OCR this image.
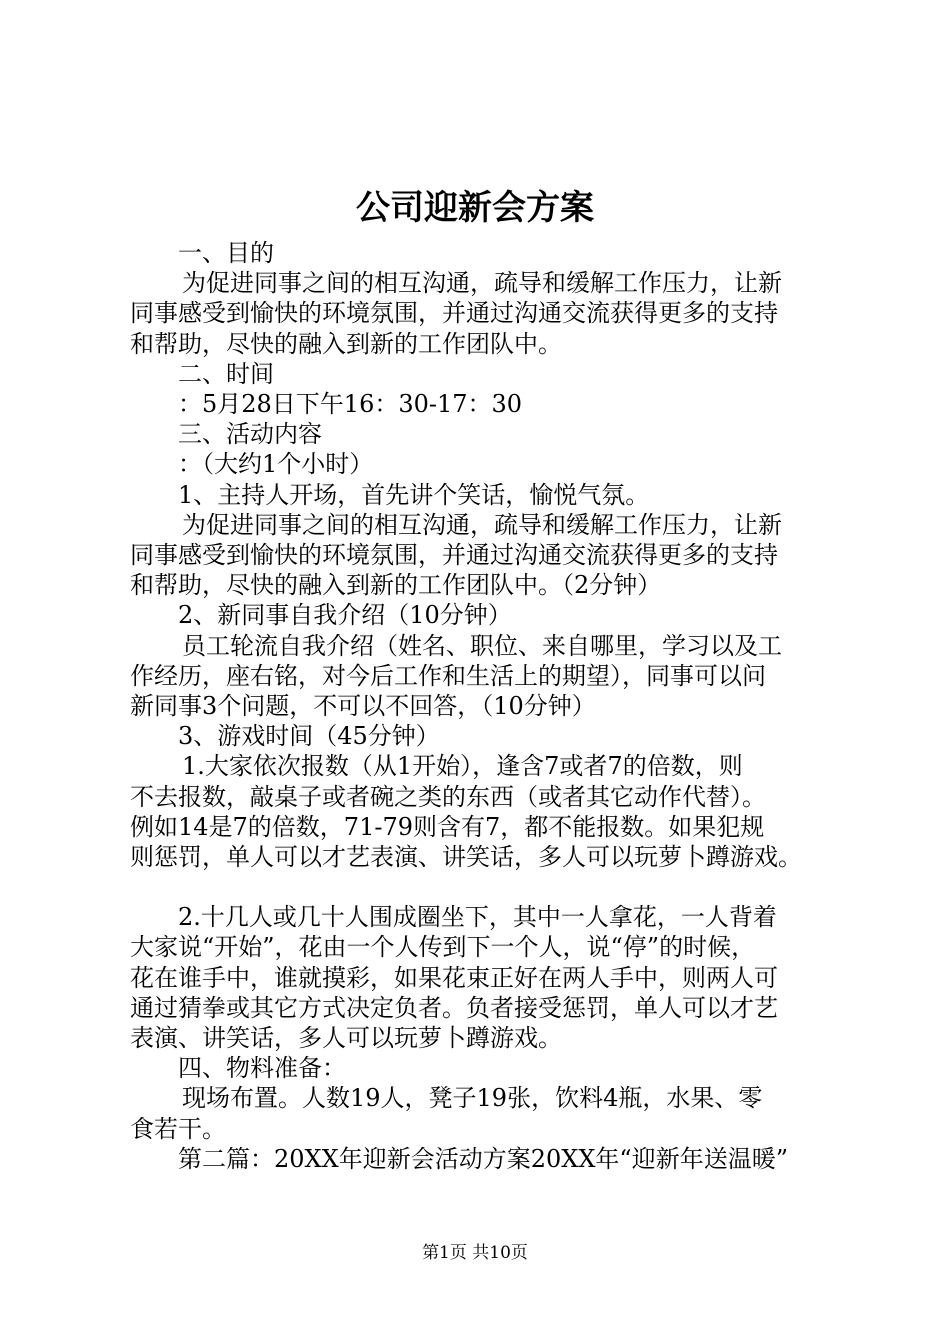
公司迎新会方案

一、目的

为促进同事之间的相互沟通，疏导和缓解工作压力，让新

同事感受到愉快的环境氛围，并通过沟通交流获得更多的支持

和帮助，尽快的融入到新的工作团队中。

二、时间

：5月28日下午16：30-17：30

三、活动内容

：（大约1个小时）

1、主持人开场，首先讲个笑话，愉悦气氛。

为促进同事之间的相互沟通，疏导和缓解工作压力，让新

同事感受到愉快的环境氛围，并通过沟通交流获得更多的支持

和帮助，尽快的融入到新的工作团队中。（2分钟）

2、新同事自我介绍（10分钟）

员工轮流自我介绍（姓名、职位、来自哪里，学习以及工

作经历，座右铭，对今后工作和生活上的期望），同事可以问

新同事3个问题，不可以不回答，（10分钟）

3、游戏时间（45分钟）

1.大家依次报数（从1开始），逢含7或者7的倍数，则

不去报数，敲桌子或者碗之类的东西（或者其它动作代替）。

例如14是7的倍数，71-79则含有7，都不能报数。如果犯规

则惩罚，单人可以才艺表演、讲笑话，多人可以玩萝卜蹲游戏。

2.十几人或几十人围成圈坐下，其中一人拿花，一人背着

大家说“开始”，花由一个人传到下一个人，说“停”的时候，

花在谁手中，谁就摸彩，如果花束正好在两人手中，则两人可

通过猜拳或其它方式决定负者。负者接受惩罚，单人可以才艺

表演、讲笑话，多人可以玩萝卜蹲游戏。

四、物料准备：

现场布置。人数19人，凳子19张，饮料4瓶，水果、零

食若干。

第二篇：20XX年迎新会活动方案20XX年“迎新年送温暖”

第1页 共10页
